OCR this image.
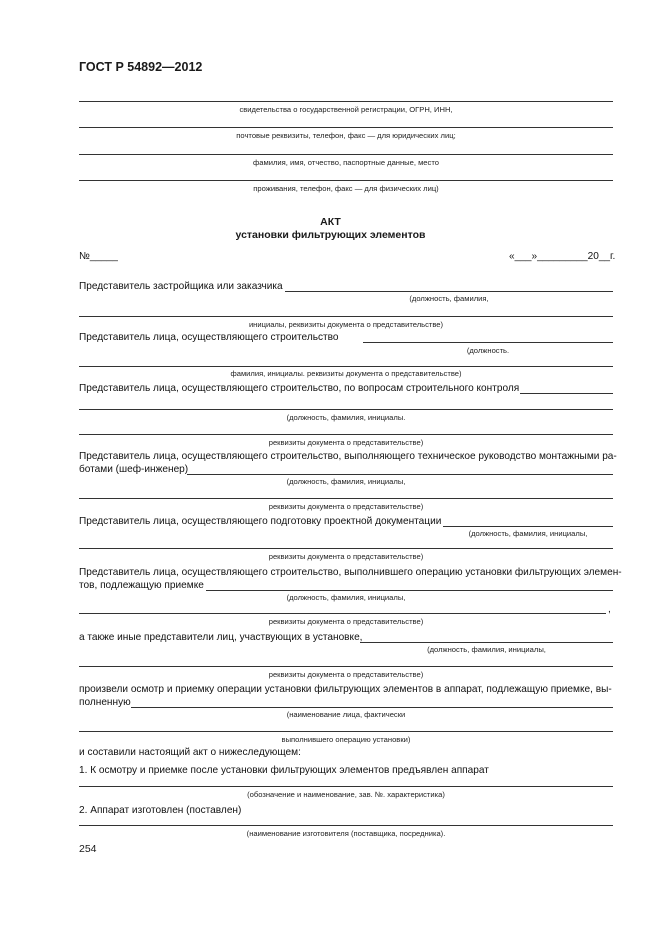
ГОСТ Р 54892—2012
свидетельства о государственной регистрации, ОГРН, ИНН,
почтовые реквизиты, телефон, факс — для юридических лиц;
фамилия, имя, отчество, паспортные данные, место
проживания, телефон, факс — для физических лиц)
АКТ
установки фильтрующих элементов
№_____	«___»_________20__г.
Представитель застройщика или заказчика
(должность, фамилия,
инициалы, реквизиты документа о представительстве)
Представитель лица, осуществляющего строительство
(должность.
фамилия, инициалы. реквизиты документа о представительстве)
Представитель лица, осуществляющего строительство, по вопросам строительного контроля
(должность, фамилия, инициалы.
реквизиты документа о представительстве)
Представитель лица, осуществляющего строительство, выполняющего техническое руководство монтажными ра-
ботами (шеф-инженер)
(должность, фамилия, инициалы,
реквизиты документа о представительстве)
Представитель лица, осуществляющего подготовку проектной документации
(должность, фамилия, инициалы,
реквизиты документа о представительстве)
Представитель лица, осуществляющего строительство, выполнившего операцию установки фильтрующих элемен-
тов, подлежащую приемке
(должность, фамилия, инициалы,
,
реквизиты документа о представительстве)
а также иные представители лиц, участвующих в установке,
(должность, фамилия, инициалы,
реквизиты документа о представительстве)
произвели осмотр и приемку операции установки фильтрующих элементов в аппарат, подлежащую приемке, вы-
полненную
(наименование лица, фактически
выполнившего операцию установки)
и составили настоящий акт о нижеследующем:
1. К осмотру и приемке после установки фильтрующих элементов предъявлен аппарат
(обозначение и наименование, зав. №. характеристика)
2. Аппарат изготовлен (поставлен)
(наименование изготовителя (поставщика, посредника).
254
